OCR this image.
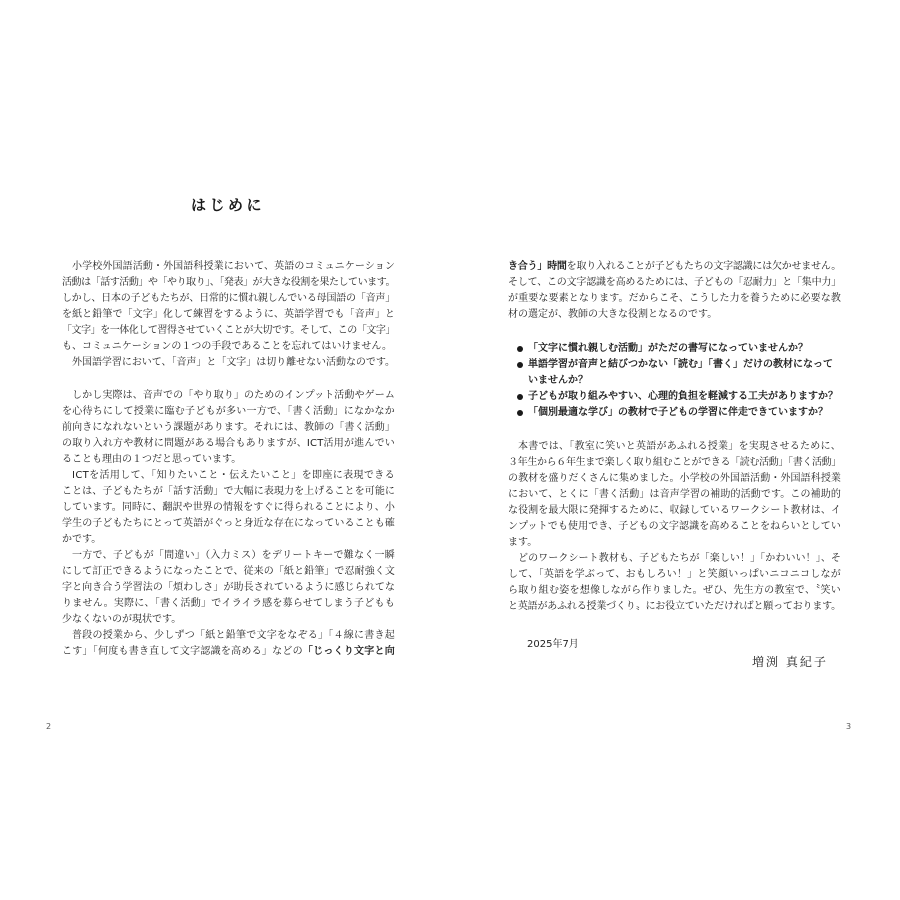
はじめに
小学校外国語活動・外国語科授業において、英語のコミュニケーション
活動は「話す活動」や「やり取り」、「発表」が大きな役割を果たしています。
しかし、日本の子どもたちが、日常的に慣れ親しんでいる母国語の「音声」
を紙と鉛筆で「文字」化して練習をするように、英語学習でも「音声」と
「文字」を一体化して習得させていくことが大切です。そして、この「文字」
も、コミュニケーションの１つの手段であることを忘れてはいけません。
外国語学習において、「音声」と「文字」は切り離せない活動なのです。
しかし実際は、音声での「やり取り」のためのインプット活動やゲーム
を心待ちにして授業に臨む子どもが多い一方で、「書く活動」になかなか
前向きになれないという課題があります。それには、教師の「書く活動」
の取り入れ方や教材に問題がある場合もありますが、ICT活用が進んでい
ることも理由の１つだと思っています。
ICTを活用して、「知りたいこと・伝えたいこと」を即座に表現できる
ことは、子どもたちが「話す活動」で大幅に表現力を上げることを可能に
しています。同時に、翻訳や世界の情報をすぐに得られることにより、小
学生の子どもたちにとって英語がぐっと身近な存在になっていることも確
かです。
一方で、子どもが「間違い」（入力ミス）をデリートキーで難なく一瞬
にして訂正できるようになったことで、従来の「紙と鉛筆」で忍耐強く文
字と向き合う学習法の「煩わしさ」が助長されているように感じられてな
りません。実際に、「書く活動」でイライラ感を募らせてしまう子どもも
少なくないのが現状です。
普段の授業から、少しずつ「紙と鉛筆で文字をなぞる」「４線に書き起
こす」「何度も書き直して文字認識を高める」などの「じっくり文字と向
2
き合う」時間を取り入れることが子どもたちの文字認識には欠かせません。
そして、この文字認識を高めるためには、子どもの「忍耐力」と「集中力」
が重要な要素となります。だからこそ、こうした力を養うために必要な教
材の選定が、教師の大きな役割となるのです。
「文字に慣れ親しむ活動」がただの書写になっていませんか？
単語学習が音声と結びつかない「読む」「書く」だけの教材になって
いませんか？
子どもが取り組みやすい、心理的負担を軽減する工夫がありますか？
「個別最適な学び」の教材で子どもの学習に伴走できていますか？
本書では、「教室に笑いと英語があふれる授業」を実現させるために、
３年生から６年生まで楽しく取り組むことができる「読む活動」「書く活動」
の教材を盛りだくさんに集めました。小学校の外国語活動・外国語科授業
において、とくに「書く活動」は音声学習の補助的活動です。この補助的
な役割を最大限に発揮するために、収録しているワークシート教材は、イ
ンプットでも使用でき、子どもの文字認識を高めることをねらいとしてい
ます。
どのワークシート教材も、子どもたちが「楽しい！」「かわいい！」、そ
して、「英語を学ぶって、おもしろい！」と笑顔いっぱいニコニコしなが
ら取り組む姿を想像しながら作りました。ぜひ、先生方の教室で、〝笑い
と英語があふれる授業づくり〟にお役立ていただければと願っております。
2025年7月
増渕 真紀子
3
